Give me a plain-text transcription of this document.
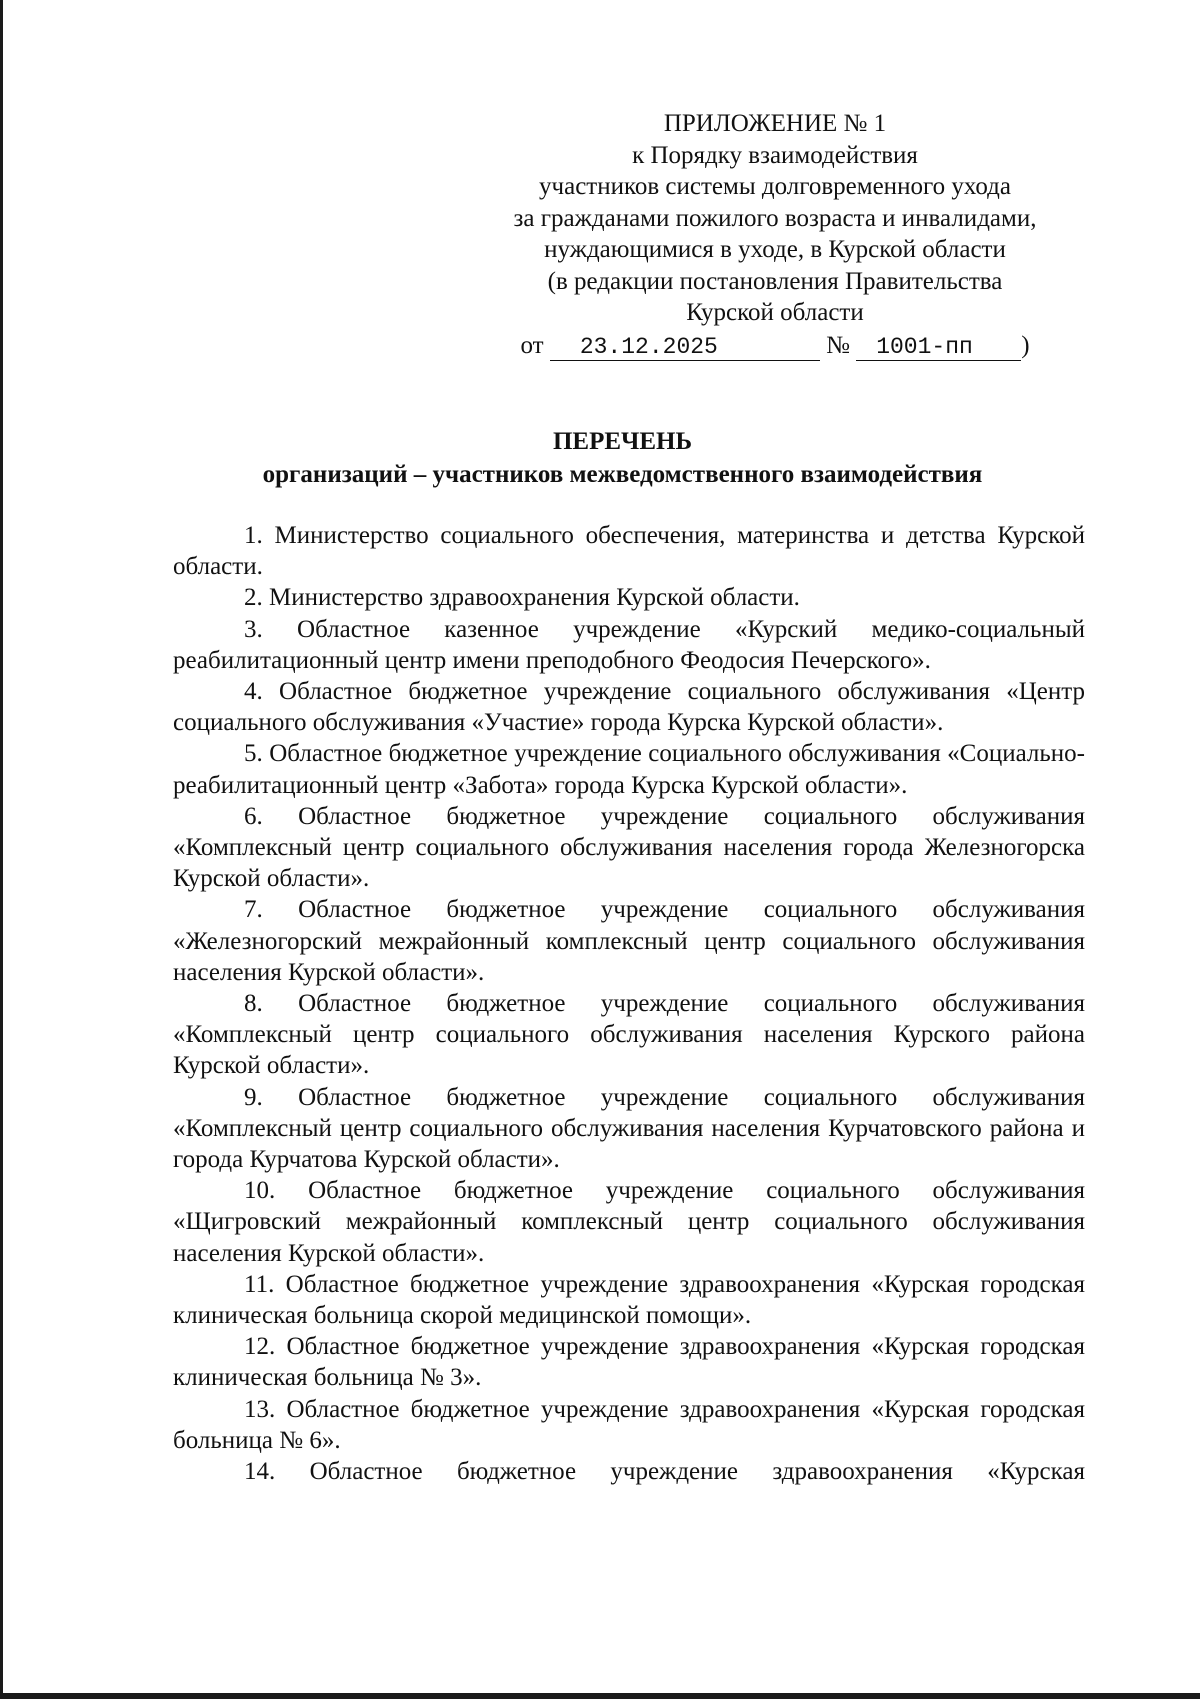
ПРИЛОЖЕНИЕ № 1
к Порядку взаимодействия
участников системы долговременного ухода
за гражданами пожилого возраста и инвалидами,
нуждающимися в уходе, в Курской области
(в редакции постановления Правительства
Курской области
от 23.12.2025	№ 1001-пп )
ПЕРЕЧЕНЬ
организаций – участников межведомственного взаимодействия

1. Министерство социального обеспечения, материнства и детства Курской области.

2. Министерство здравоохранения Курской области.

3. Областное казенное учреждение «Курский медико-социальный реабилитационный центр имени преподобного Феодосия Печерского».

4. Областное бюджетное учреждение социального обслуживания «Центр социального обслуживания «Участие» города Курска Курской области».

5. Областное бюджетное учреждение социального обслуживания «Социально-реабилитационный центр «Забота» города Курска Курской области».

6. Областное бюджетное учреждение социального обслуживания «Комплексный центр социального обслуживания населения города Железногорска Курской области».

7. Областное бюджетное учреждение социального обслуживания «Железногорский межрайонный комплексный центр социального обслуживания населения Курской области».

8. Областное бюджетное учреждение социального обслуживания «Комплексный центр социального обслуживания населения Курского района Курской области».

9. Областное бюджетное учреждение социального обслуживания «Комплексный центр социального обслуживания населения Курчатовского района и города Курчатова Курской области».

10. Областное бюджетное учреждение социального обслуживания «Щигровский межрайонный комплексный центр социального обслуживания населения Курской области».

11. Областное бюджетное учреждение здравоохранения «Курская городская клиническая больница скорой медицинской помощи».

12. Областное бюджетное учреждение здравоохранения «Курская городская клиническая больница № 3».

13. Областное бюджетное учреждение здравоохранения «Курская городская больница № 6».

14. Областное бюджетное учреждение здравоохранения «Курская
